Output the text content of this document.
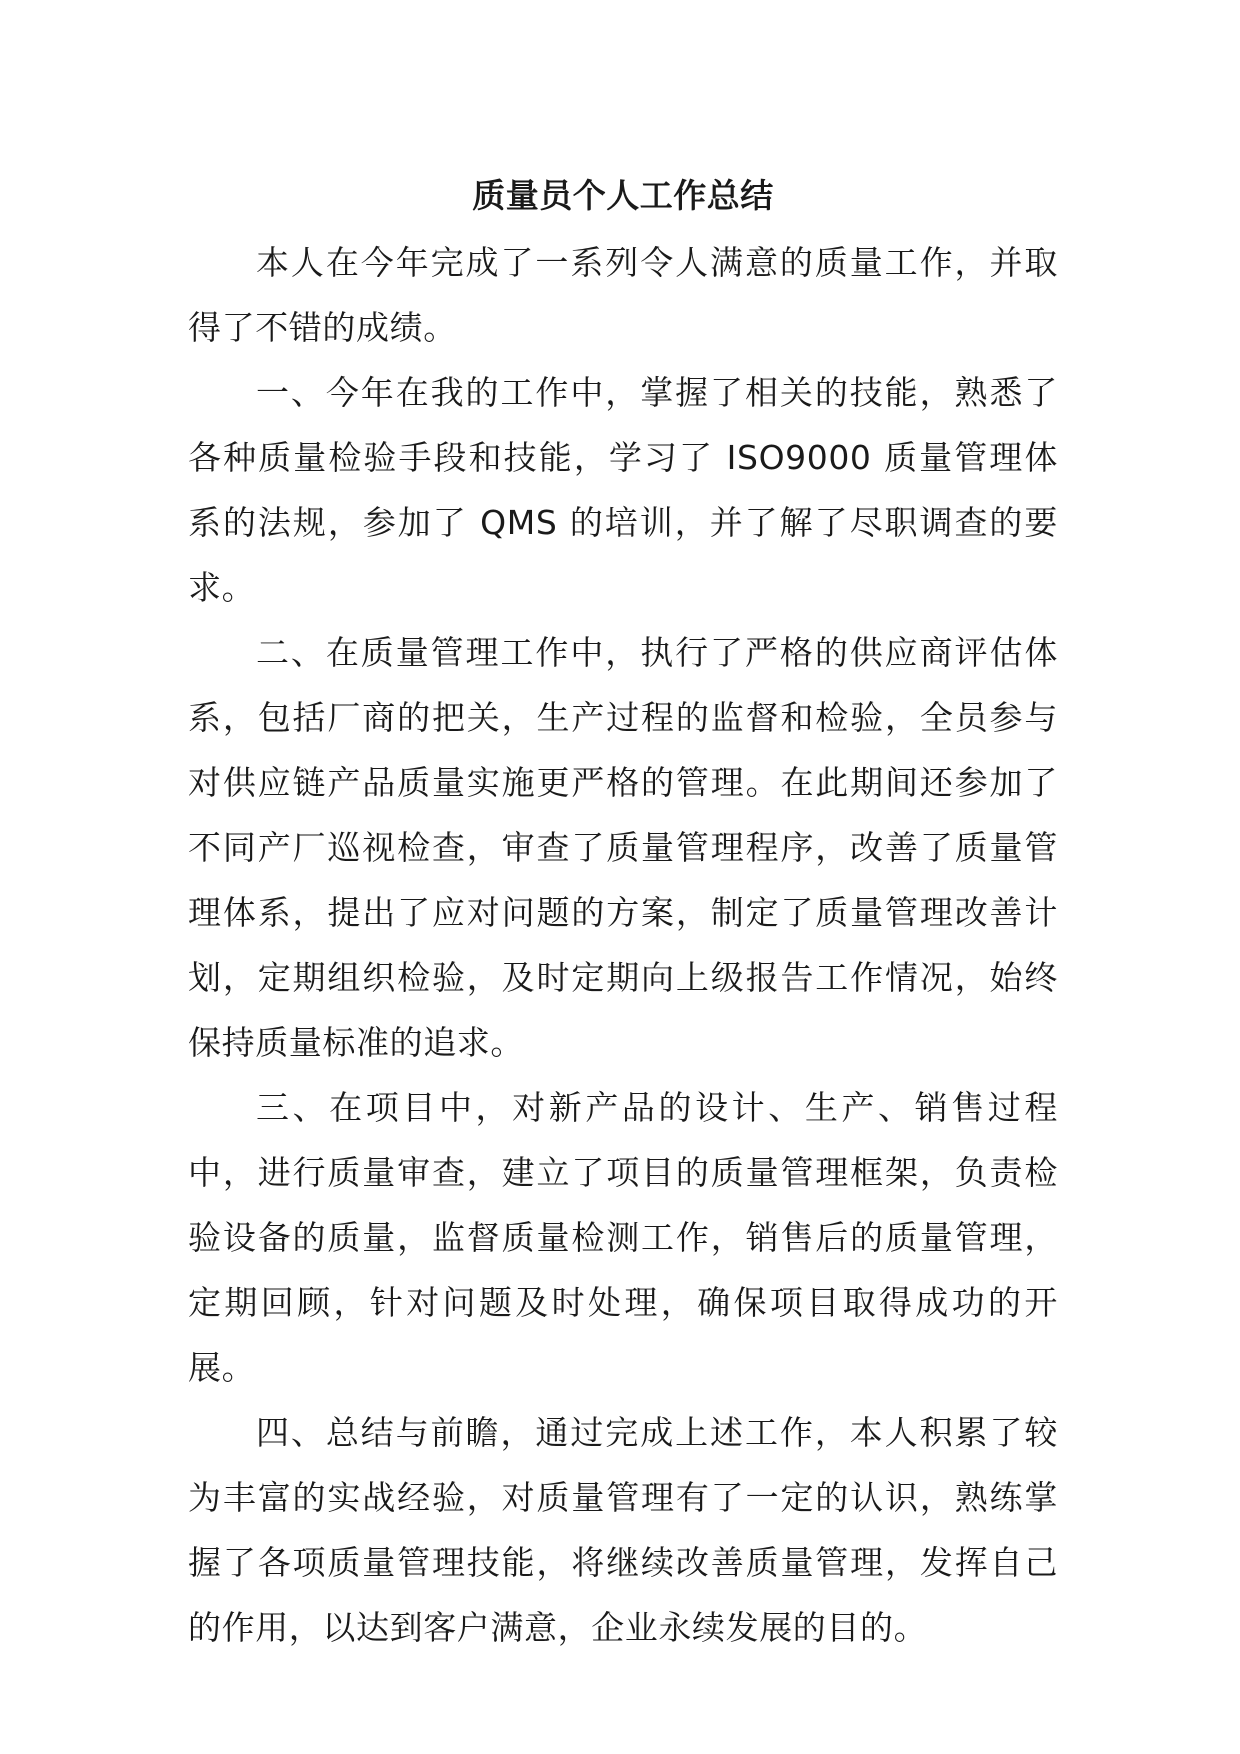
质量员个人工作总结

本人在今年完成了一系列令人满意的质量工作，并取得了不错的成绩。

一、今年在我的工作中，掌握了相关的技能，熟悉了各种质量检验手段和技能，学习了 ISO9000 质量管理体系的法规，参加了 QMS 的培训，并了解了尽职调查的要求。

二、在质量管理工作中，执行了严格的供应商评估体系，包括厂商的把关，生产过程的监督和检验，全员参与对供应链产品质量实施更严格的管理。在此期间还参加了不同产厂巡视检查，审查了质量管理程序，改善了质量管理体系，提出了应对问题的方案，制定了质量管理改善计划，定期组织检验，及时定期向上级报告工作情况，始终保持质量标准的追求。

三、在项目中，对新产品的设计、生产、销售过程中，进行质量审查，建立了项目的质量管理框架，负责检验设备的质量，监督质量检测工作，销售后的质量管理，定期回顾，针对问题及时处理，确保项目取得成功的开展。

四、总结与前瞻，通过完成上述工作，本人积累了较为丰富的实战经验，对质量管理有了一定的认识，熟练掌握了各项质量管理技能，将继续改善质量管理，发挥自己的作用，以达到客户满意，企业永续发展的目的。
